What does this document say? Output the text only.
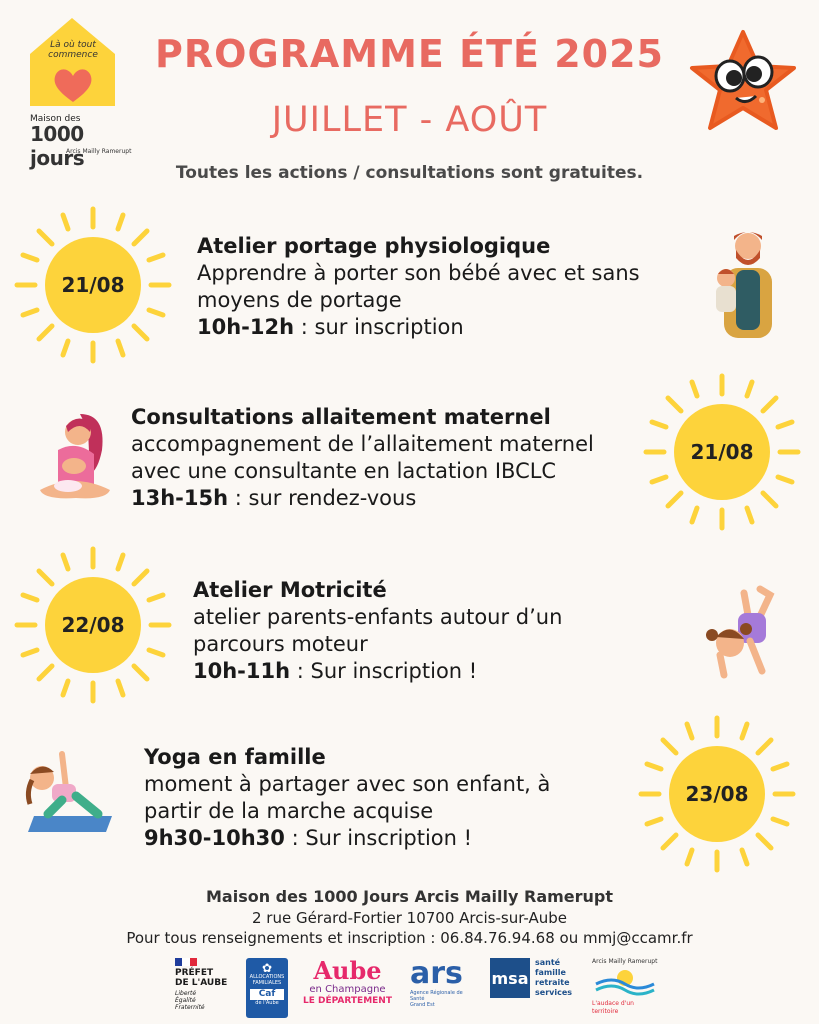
Là où tout commence
Maison des
1000 jours
Arcis Mailly Ramerupt
PROGRAMME ÉTÉ 2025
JUILLET - AOÛT
Toutes les actions / consultations sont gratuites.
21/08
Atelier portage physiologique
Apprendre à porter son bébé avec et sans
moyens de portage
10h-12h : sur inscription
21/08
Consultations allaitement maternel
accompagnement de l’allaitement maternel
avec une consultante en lactation IBCLC
13h-15h : sur rendez-vous
22/08
Atelier Motricité
atelier parents-enfants autour d’un
parcours moteur
10h-11h : Sur inscription !
23/08
Yoga en famille
moment à partager avec son enfant, à
partir de la marche acquise
9h30-10h30 : Sur inscription !
Maison des 1000 Jours Arcis Mailly Ramerupt
2 rue Gérard-Fortier 10700 Arcis-sur-Aube
Pour tous renseignements et inscription : 06.84.76.94.68 ou mmj@ccamr.fr
PRÉFET
DE L'AUBE
Liberté
Égalité
Fraternité
✿
ALLOCATIONS
FAMILIALES
Caf
de l'Aube
Aube
en Champagne
LE DÉPARTEMENT
ars
Agence Régionale de Santé
Grand Est
msa
santé
famille
retraite
services
Arcis Mailly Ramerupt
L'audace d'un territoire
